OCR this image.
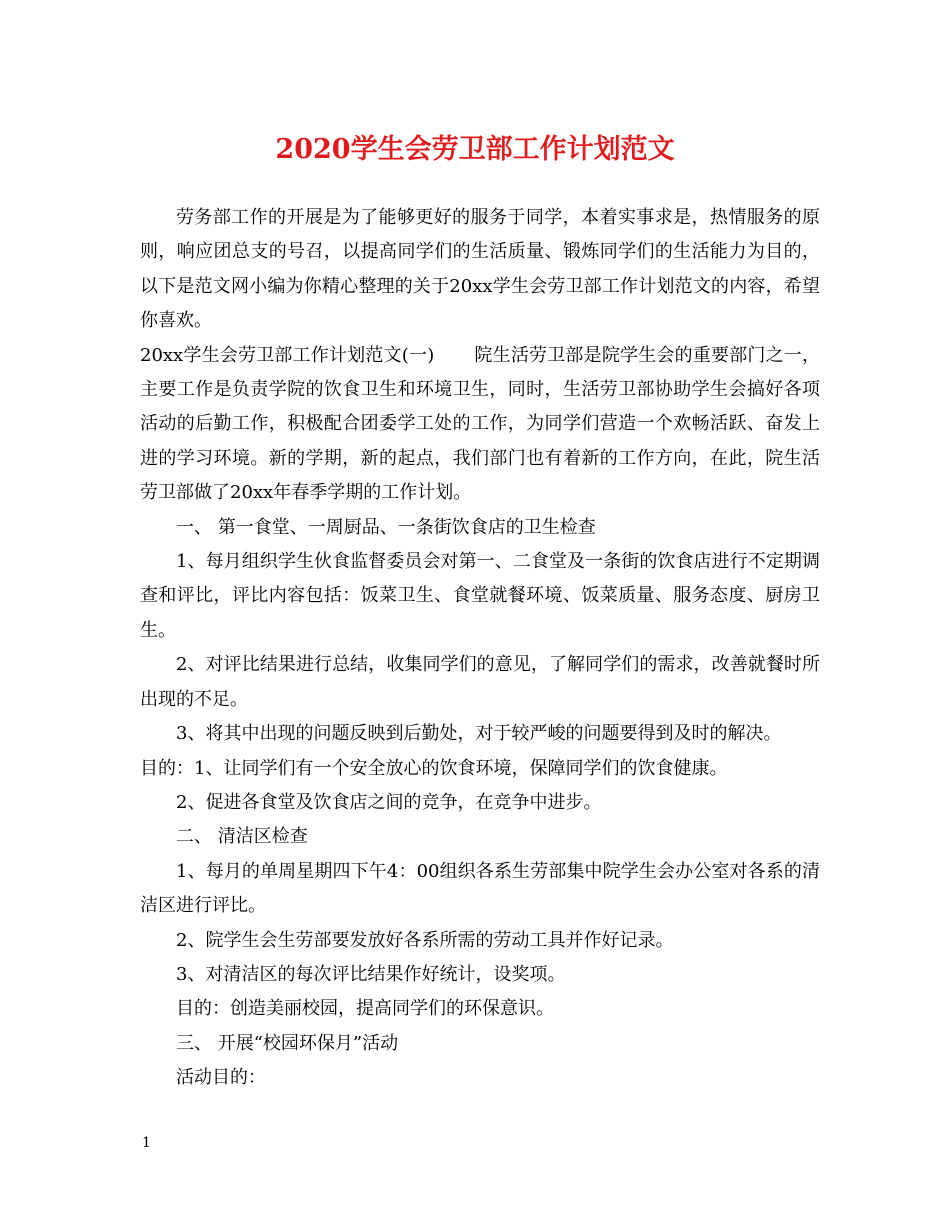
2020学生会劳卫部工作计划范文

劳务部工作的开展是为了能够更好的服务于同学，本着实事求是，热情服务的原则，响应团总支的号召，以提高同学们的生活质量、锻炼同学们的生活能力为目的，以下是范文网小编为你精心整理的关于20xx学生会劳卫部工作计划范文的内容，希望你喜欢。

20xx学生会劳卫部工作计划范文(一) 院生活劳卫部是院学生会的重要部门之一，主要工作是负责学院的饮食卫生和环境卫生，同时，生活劳卫部协助学生会搞好各项活动的后勤工作，积极配合团委学工处的工作，为同学们营造一个欢畅活跃、奋发上进的学习环境。新的学期，新的起点，我们部门也有着新的工作方向，在此，院生活劳卫部做了20xx年春季学期的工作计划。

一、 第一食堂、一周厨品、一条街饮食店的卫生检查

1、每月组织学生伙食监督委员会对第一、二食堂及一条街的饮食店进行不定期调查和评比，评比内容包括：饭菜卫生、食堂就餐环境、饭菜质量、服务态度、厨房卫生。

2、对评比结果进行总结，收集同学们的意见，了解同学们的需求，改善就餐时所出现的不足。

3、将其中出现的问题反映到后勤处，对于较严峻的问题要得到及时的解决。

目的：1、让同学们有一个安全放心的饮食环境，保障同学们的饮食健康。

2、促进各食堂及饮食店之间的竞争，在竞争中进步。

二、 清洁区检查

1、每月的单周星期四下午4：00组织各系生劳部集中院学生会办公室对各系的清洁区进行评比。

2、院学生会生劳部要发放好各系所需的劳动工具并作好记录。

3、对清洁区的每次评比结果作好统计，设奖项。

目的：创造美丽校园，提高同学们的环保意识。

三、 开展“校园环保月”活动

活动目的：

1
